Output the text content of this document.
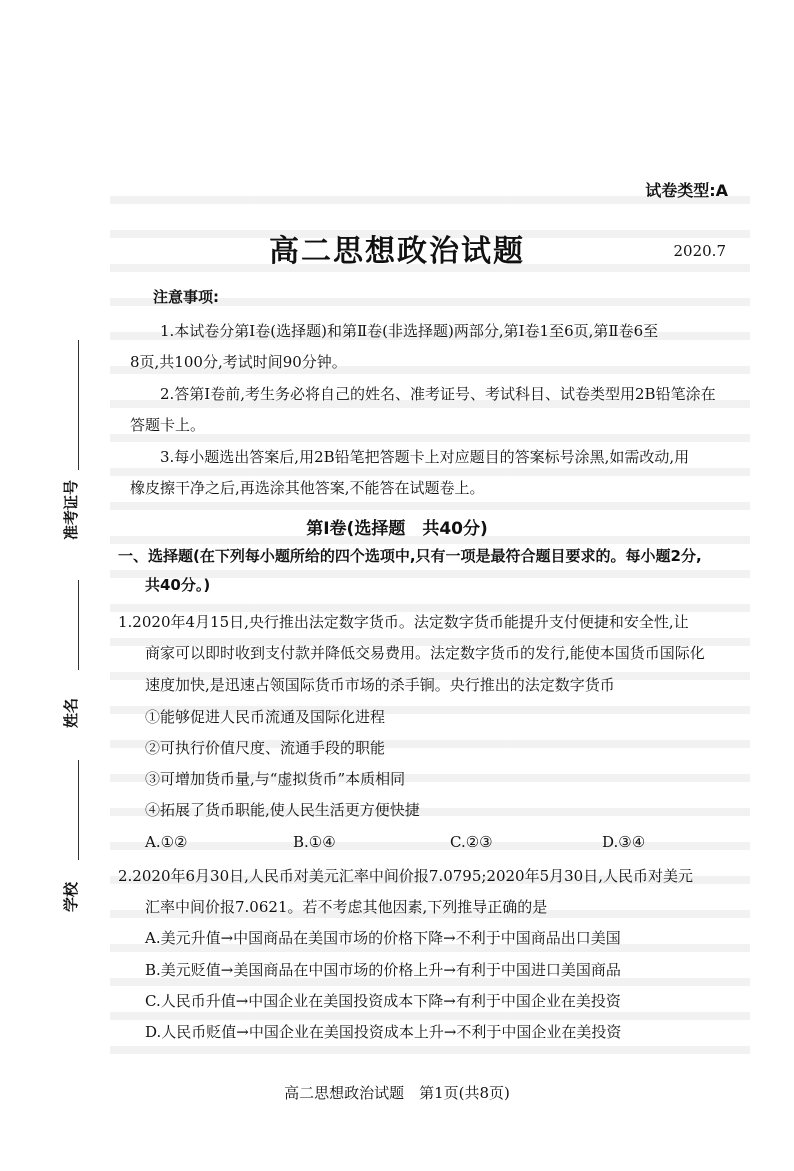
准考证号
姓名
学校
试卷类型:A
高二思想政治试题	2020.7
注意事项:
1.本试卷分第Ⅰ卷(选择题)和第Ⅱ卷(非选择题)两部分,第Ⅰ卷1至6页,第Ⅱ卷6至
8页,共100分,考试时间90分钟。
2.答第Ⅰ卷前,考生务必将自己的姓名、准考证号、考试科目、试卷类型用2B铅笔涂在
答题卡上。
3.每小题选出答案后,用2B铅笔把答题卡上对应题目的答案标号涂黑,如需改动,用
橡皮擦干净之后,再选涂其他答案,不能答在试题卷上。
第Ⅰ卷(选择题　共40分)
一、选择题(在下列每小题所给的四个选项中,只有一项是最符合题目要求的。每小题2分,
共40分。)
1.2020年4月15日,央行推出法定数字货币。法定数字货币能提升支付便捷和安全性,让
商家可以即时收到支付款并降低交易费用。法定数字货币的发行,能使本国货币国际化
速度加快,是迅速占领国际货币市场的杀手锏。央行推出的法定数字货币
①能够促进人民币流通及国际化进程
②可执行价值尺度、流通手段的职能
③可增加货币量,与“虚拟货币”本质相同
④拓展了货币职能,使人民生活更方便快捷
A.①②	B.①④	C.②③	D.③④
2.2020年6月30日,人民币对美元汇率中间价报7.0795;2020年5月30日,人民币对美元
汇率中间价报7.0621。若不考虑其他因素,下列推导正确的是
A.美元升值→中国商品在美国市场的价格下降→不利于中国商品出口美国
B.美元贬值→美国商品在中国市场的价格上升→有利于中国进口美国商品
C.人民币升值→中国企业在美国投资成本下降→有利于中国企业在美投资
D.人民币贬值→中国企业在美国投资成本上升→不利于中国企业在美投资
高二思想政治试题　第1页(共8页)
